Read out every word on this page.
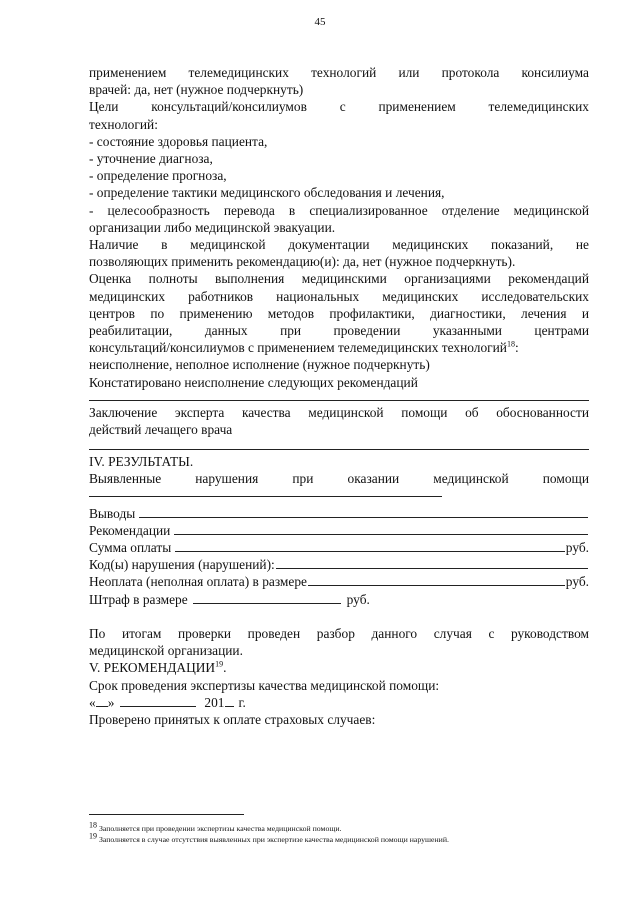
45

применением телемедицинских технологий или протокола консилиума

врачей: да, нет (нужное подчеркнуть)

Цели консультаций/консилиумов с применением телемедицинских

технологий:

- состояние здоровья пациента,

- уточнение диагноза,

- определение прогноза,

- определение тактики медицинского обследования и лечения,

- целесообразность перевода в специализированное отделение медицинской

организации либо медицинской эвакуации.

Наличие в медицинской документации медицинских показаний, не

позволяющих применить рекомендацию(и): да, нет (нужное подчеркнуть).

Оценка полноты выполнения медицинскими организациями рекомендаций

медицинских работников национальных медицинских исследовательских

центров по применению методов профилактики, диагностики, лечения и

реабилитации, данных при проведении указанными центрами

консультаций/консилиумов с применением телемедицинских технологий$^{18}$:

неисполнение, неполное исполнение (нужное подчеркнуть)

Констатировано неисполнение следующих рекомендаций

Заключение эксперта качества медицинской помощи об обоснованности

действий лечащего врача

IV. РЕЗУЛЬТАТЫ.

Выявленные нарушения при оказании медицинской помощи

Выводы
Рекомендации
Сумма оплаты	руб.
Код(ы) нарушения (нарушений):
Неоплата (неполная оплата) в размере	руб.
Штраф в размере	руб.

По итогам проверки проведен разбор данного случая с руководством

медицинской организации.

V. РЕКОМЕНДАЦИИ$^{19}$.

Срок проведения экспертизы качества медицинской помощи:

« »	201 г.

Проверено принятых к оплате страховых случаев:

$^{18}$ Заполняется при проведении экспертизы качества медицинской помощи.
$^{19}$ Заполняется в случае отсутствия выявленных при экспертизе качества медицинской помощи нарушений.
